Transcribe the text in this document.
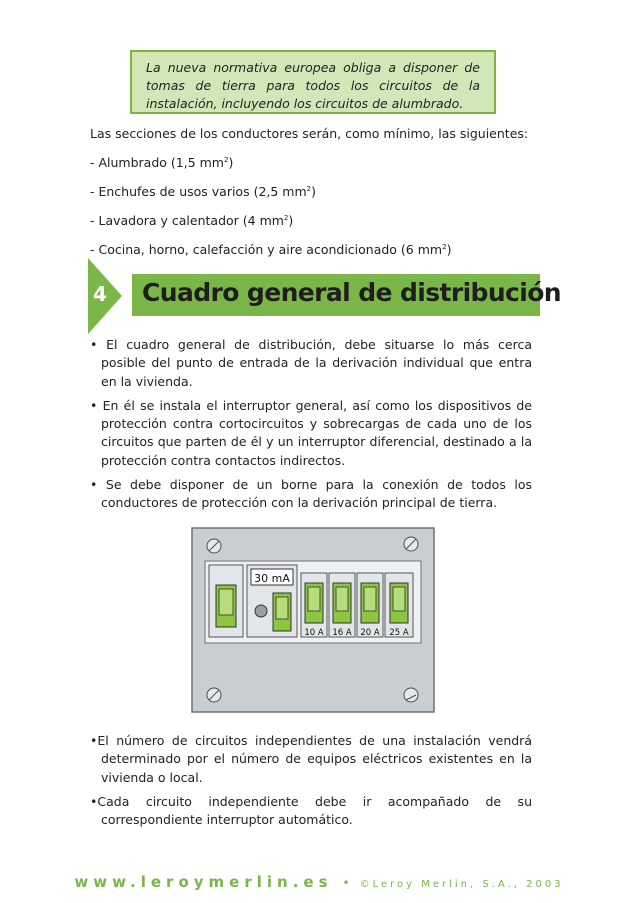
La nueva normativa europea obliga a disponer de tomas de tierra para todos los circuitos de la instalación, incluyendo los circuitos de alumbrado.

Las secciones de los conductores serán, como mínimo, las siguientes:

- Alumbrado (1,5 $mm^2$)

- Enchufes de usos varios (2,5 $mm^2$)

- Lavadora y calentador (4 $mm^2$)

- Cocina, horno, calefacción y aire acondicionado (6 $mm^2$)

4 Cuadro general de distribución

• El cuadro general de distribución, debe situarse lo más cerca posible del punto de entrada de la derivación individual que entra en la vivienda.

• En él se instala el interruptor general, así como los dispositivos de protección contra cortocircuitos y sobrecargas de cada uno de los circuitos que parten de él y un interruptor diferencial, destinado a la protección contra contactos indirectos.

• Se debe disponer de un borne para la conexión de todos los conductores de protección con la derivación principal de tierra.

30 mA
10 A 16 A 20 A 25 A

•El número de circuitos independientes de una instalación vendrá determinado por el número de equipos eléctricos existentes en la vivienda o local.

•Cada circuito independiente debe ir acompañado de su correspondiente interruptor automático.

www.leroymerlin.es • ©Leroy Merlin, S.A., 2003
